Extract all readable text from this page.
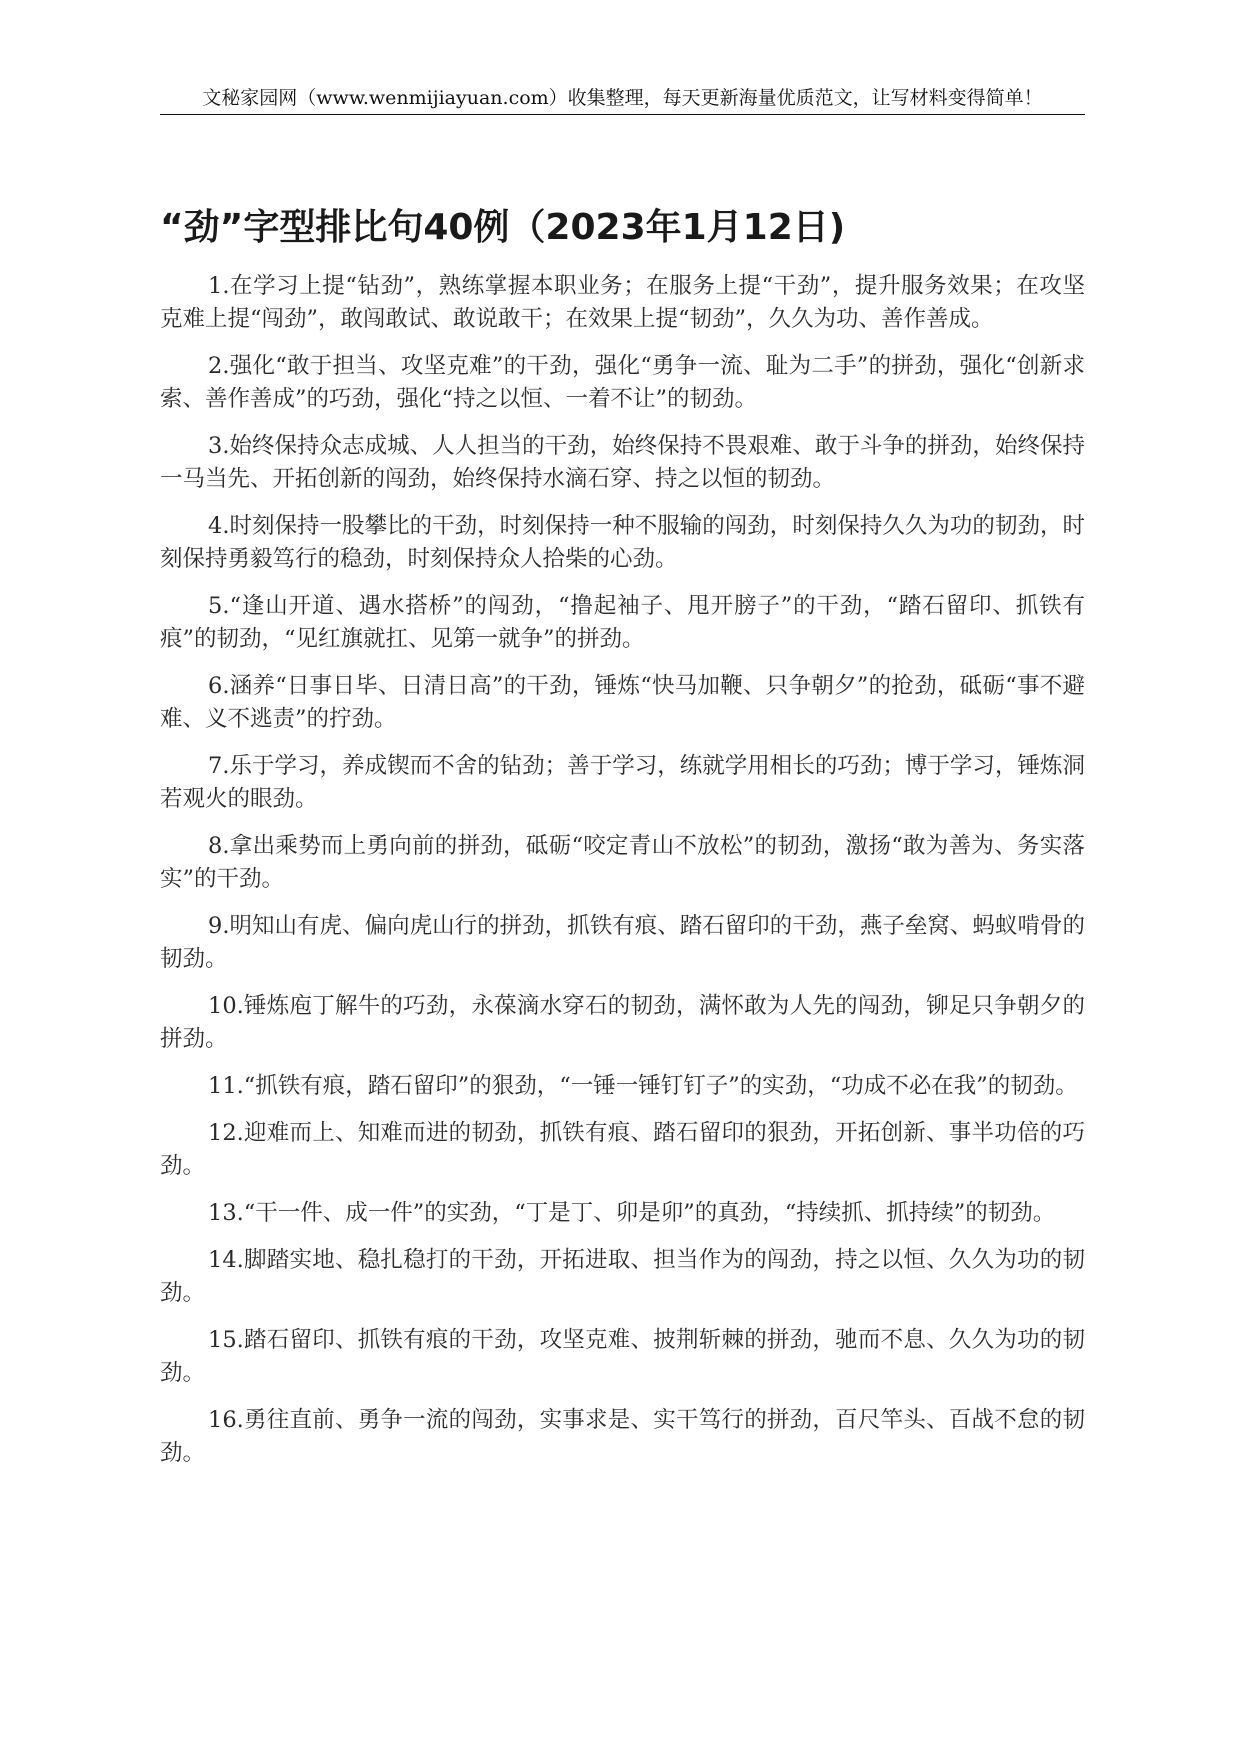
文秘家园网（www.wenmijiayuan.com）收集整理，每天更新海量优质范文，让写材料变得简单！
“劲”字型排比句40例（2023年1月12日)

1.在学习上提“钻劲”，熟练掌握本职业务；在服务上提“干劲”，提升服务效果；在攻坚克难上提“闯劲”，敢闯敢试、敢说敢干；在效果上提“韧劲”，久久为功、善作善成。

2.强化“敢于担当、攻坚克难”的干劲，强化“勇争一流、耻为二手”的拼劲，强化“创新求索、善作善成”的巧劲，强化“持之以恒、一着不让”的韧劲。

3.始终保持众志成城、人人担当的干劲，始终保持不畏艰难、敢于斗争的拼劲，始终保持一马当先、开拓创新的闯劲，始终保持水滴石穿、持之以恒的韧劲。

4.时刻保持一股攀比的干劲，时刻保持一种不服输的闯劲，时刻保持久久为功的韧劲，时刻保持勇毅笃行的稳劲，时刻保持众人拾柴的心劲。

5.“逢山开道、遇水搭桥”的闯劲，“撸起袖子、甩开膀子”的干劲，“踏石留印、抓铁有痕”的韧劲，“见红旗就扛、见第一就争”的拼劲。

6.涵养“日事日毕、日清日高”的干劲，锤炼“快马加鞭、只争朝夕”的抢劲，砥砺“事不避难、义不逃责”的拧劲。

7.乐于学习，养成锲而不舍的钻劲；善于学习，练就学用相长的巧劲；博于学习，锤炼洞若观火的眼劲。

8.拿出乘势而上勇向前的拼劲，砥砺“咬定青山不放松”的韧劲，激扬“敢为善为、务实落实”的干劲。

9.明知山有虎、偏向虎山行的拼劲，抓铁有痕、踏石留印的干劲，燕子垒窝、蚂蚁啃骨的韧劲。

10.锤炼庖丁解牛的巧劲，永葆滴水穿石的韧劲，满怀敢为人先的闯劲，铆足只争朝夕的拼劲。

11.“抓铁有痕，踏石留印”的狠劲，“一锤一锤钉钉子”的实劲，“功成不必在我”的韧劲。

12.迎难而上、知难而进的韧劲，抓铁有痕、踏石留印的狠劲，开拓创新、事半功倍的巧劲。

13.“干一件、成一件”的实劲，“丁是丁、卯是卯”的真劲，“持续抓、抓持续”的韧劲。

14.脚踏实地、稳扎稳打的干劲，开拓进取、担当作为的闯劲，持之以恒、久久为功的韧劲。

15.踏石留印、抓铁有痕的干劲，攻坚克难、披荆斩棘的拼劲，驰而不息、久久为功的韧劲。

16.勇往直前、勇争一流的闯劲，实事求是、实干笃行的拼劲，百尺竿头、百战不怠的韧劲。
